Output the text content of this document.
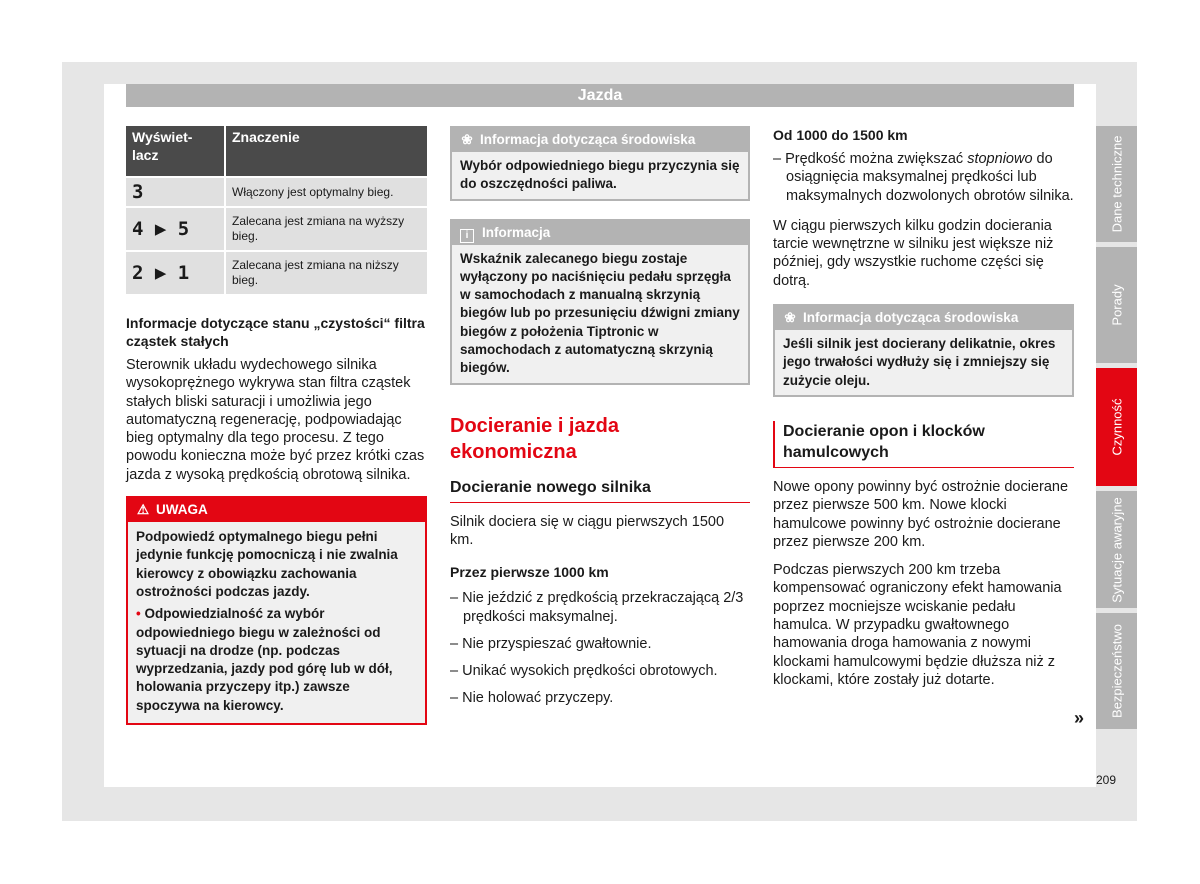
Jazda
Wyświet-lacz	Znaczenie
3	Włączony jest optymalny bieg.
4 ▶ 5	Zalecana jest zmiana na wyższy bieg.
2 ▶ 1	Zalecana jest zmiana na niższy bieg.
Informacje dotyczące stanu „czystości“ filtra cząstek stałych

Sterownik układu wydechowego silnika wysokoprężnego wykrywa stan filtra cząstek stałych bliski saturacji i umożliwia jego automatyczną regenerację, podpowiadając bieg optymalny dla tego procesu. Z tego powodu konieczna może być przez krótki czas jazda z wysoką prędkością obrotową silnika.

⚠ UWAGA

Podpowiedź optymalnego biegu pełni jedynie funkcję pomocniczą i nie zwalnia kierowcy z obowiązku zachowania ostrożności podczas jazdy.

• Odpowiedzialność za wybór odpowiedniego biegu w zależności od sytuacji na drodze (np. podczas wyprzedzania, jazdy pod górę lub w dół, holowania przyczepy itp.) zawsze spoczywa na kierowcy.

❀ Informacja dotycząca środowiska
Wybór odpowiedniego biegu przyczynia się do oszczędności paliwa.
i Informacja
Wskaźnik zalecanego biegu zostaje wyłączony po naciśnięciu pedału sprzęgła w samochodach z manualną skrzynią biegów lub po przesunięciu dźwigni zmiany biegów z położenia Tiptronic w samochodach z automatyczną skrzynią biegów.
Docieranie i jazda ekonomiczna
Docieranie nowego silnika

Silnik dociera się w ciągu pierwszych 1500 km.

Przez pierwsze 1000 km
– Nie jeździć z prędkością przekraczającą 2/3 prędkości maksymalnej.
– Nie przyspieszać gwałtownie.
– Unikać wysokich prędkości obrotowych.
– Nie holować przyczepy.
Od 1000 do 1500 km
– Prędkość można zwiększać stopniowo do osiągnięcia maksymalnej prędkości lub maksymalnych dozwolonych obrotów silnika.

W ciągu pierwszych kilku godzin docierania tarcie wewnętrzne w silniku jest większe niż później, gdy wszystkie ruchome części się dotrą.

❀ Informacja dotycząca środowiska
Jeśli silnik jest docierany delikatnie, okres jego trwałości wydłuży się i zmniejszy się zużycie oleju.
Docieranie opon i klocków hamulcowych

Nowe opony powinny być ostrożnie docierane przez pierwsze 500 km. Nowe klocki hamulcowe powinny być ostrożnie docierane przez pierwsze 200 km.

Podczas pierwszych 200 km trzeba kompensować ograniczony efekt hamowania poprzez mocniejsze wciskanie pedału hamulca. W przypadku gwałtownego hamowania droga hamowania z nowymi klockami hamulcowymi będzie dłuższa niż z klockami, które zostały już dotarte.

»
Dane techniczne
Porady
Czynność
Sytuacje awaryjne
Bezpieczeństwo
209
